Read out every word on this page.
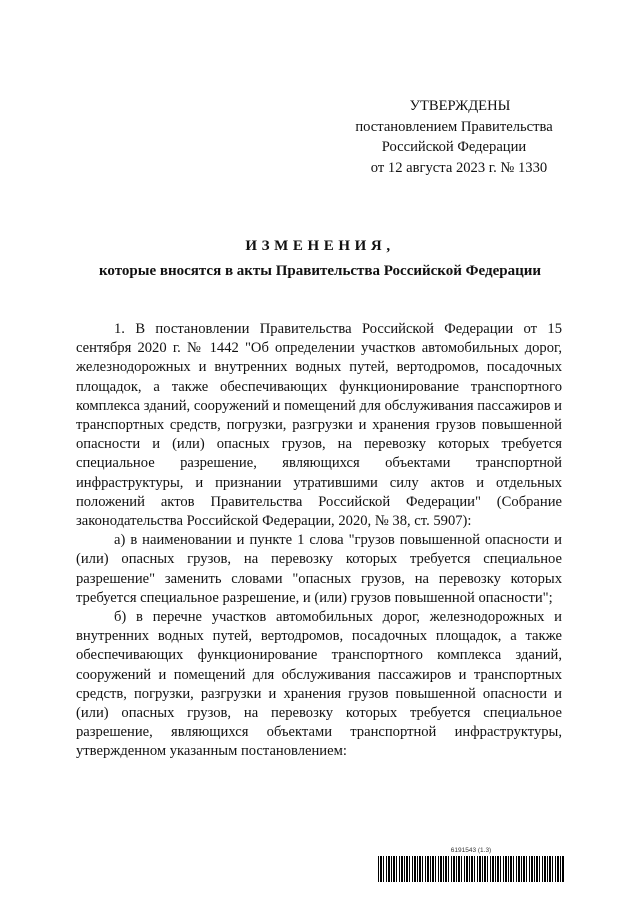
УТВЕРЖДЕНЫ
постановлением Правительства
Российской Федерации
от 12 августа 2023 г. № 1330
ИЗМЕНЕНИЯ,
которые вносятся в акты Правительства Российской Федерации

1. В постановлении Правительства Российской Федерации от 15 сентября 2020 г. № 1442 "Об определении участков автомобильных дорог, железнодорожных и внутренних водных путей, вертодромов, посадочных площадок, а также обеспечивающих функционирование транспортного комплекса зданий, сооружений и помещений для обслуживания пассажиров и транспортных средств, погрузки, разгрузки и хранения грузов повышенной опасности и (или) опасных грузов, на перевозку которых требуется специальное разрешение, являющихся объектами транспортной инфраструктуры, и признании утратившими силу актов и отдельных положений актов Правительства Российской Федерации" (Собрание законодательства Российской Федерации, 2020, № 38, ст. 5907):

а) в наименовании и пункте 1 слова "грузов повышенной опасности и (или) опасных грузов, на перевозку которых требуется специальное разрешение" заменить словами "опасных грузов, на перевозку которых требуется специальное разрешение, и (или) грузов повышенной опасности";

б) в перечне участков автомобильных дорог, железнодорожных и внутренних водных путей, вертодромов, посадочных площадок, а также обеспечивающих функционирование транспортного комплекса зданий, сооружений и помещений для обслуживания пассажиров и транспортных средств, погрузки, разгрузки и хранения грузов повышенной опасности и (или) опасных грузов, на перевозку которых требуется специальное разрешение, являющихся объектами транспортной инфраструктуры, утвержденном указанным постановлением:

6191543 (1.3)
